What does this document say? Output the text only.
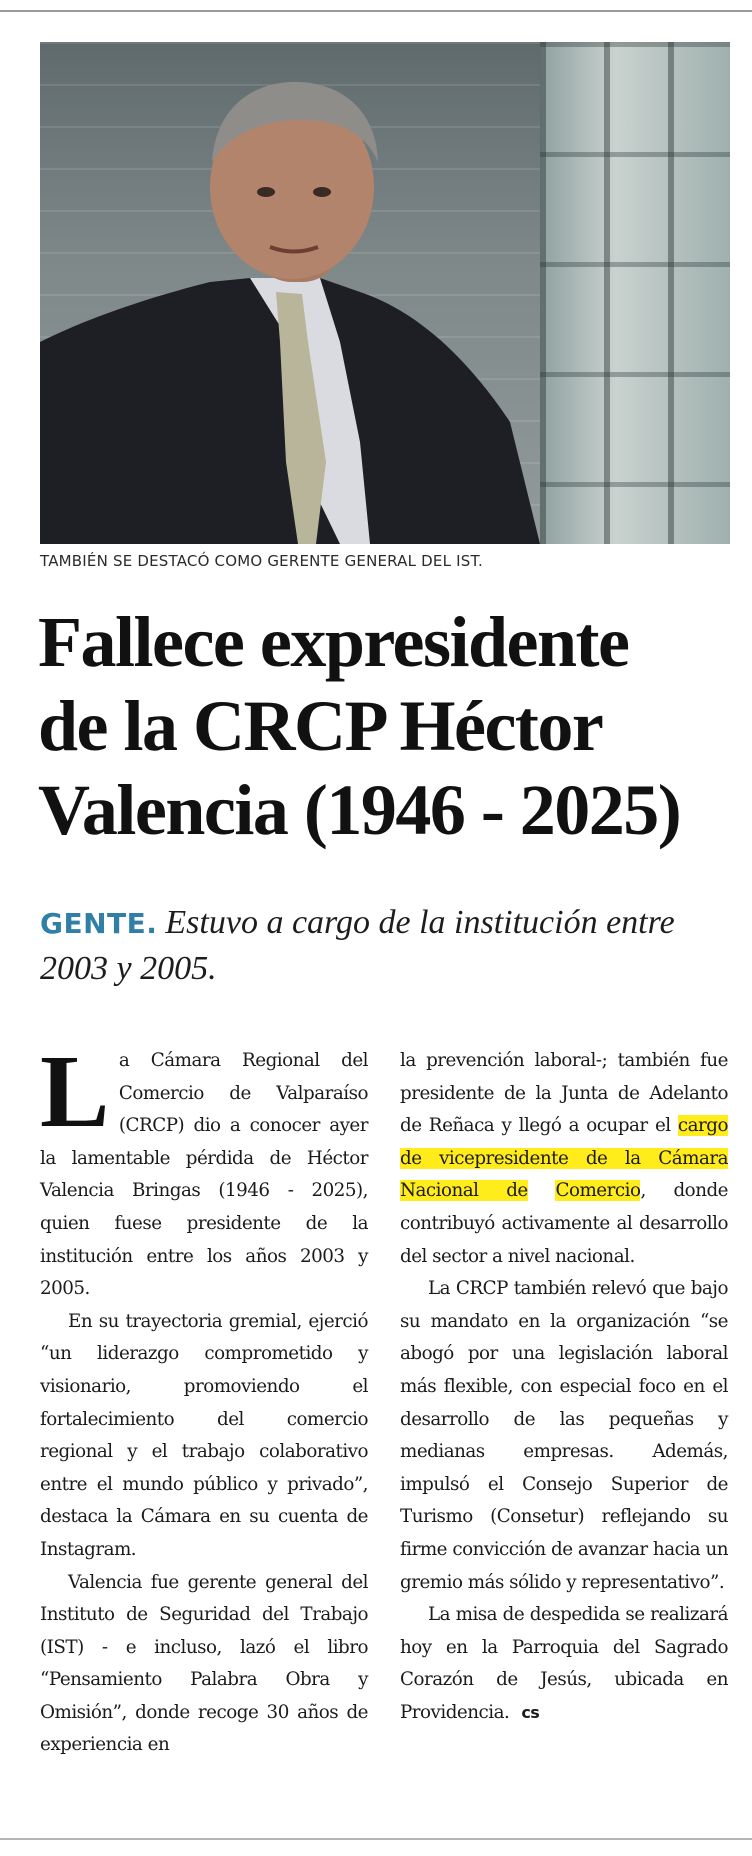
TAMBIÉN SE DESTACÓ COMO GERENTE GENERAL DEL IST.
Fallece expresidente
de la CRCP Héctor
Valencia (1946 - 2025)

GENTE. Estuvo a cargo de la institución entre 2003 y 2005.

La Cámara Regional del Comercio de Valparaíso (CRCP) dio a conocer ayer la lamentable pérdida de Héctor Valencia Bringas (1946 - 2025), quien fuese presidente de la institución entre los años 2003 y 2005.

En su trayectoria gremial, ejerció “un liderazgo comprometido y visionario, promoviendo el fortalecimiento del comercio regional y el trabajo colaborativo entre el mundo público y privado”, destaca la Cámara en su cuenta de Instagram.

Valencia fue gerente general del Instituto de Seguridad del Trabajo (IST) - e incluso, lazó el libro “Pensamiento Palabra Obra y Omisión”, donde recoge 30 años de experiencia en

la prevención laboral-; también fue presidente de la Junta de Adelanto de Reñaca y llegó a ocupar el cargo de vicepresidente de la Cámara Nacional de Comercio, donde contribuyó activamente al desarrollo del sector a nivel nacional.

La CRCP también relevó que bajo su mandato en la organización “se abogó por una legislación laboral más flexible, con especial foco en el desarrollo de las pequeñas y medianas empresas. Además, impulsó el Consejo Superior de Turismo (Consetur) reflejando su firme convicción de avanzar hacia un gremio más sólido y representativo”.

La misa de despedida se realizará hoy en la Parroquia del Sagrado Corazón de Jesús, ubicada en Providencia. cs
